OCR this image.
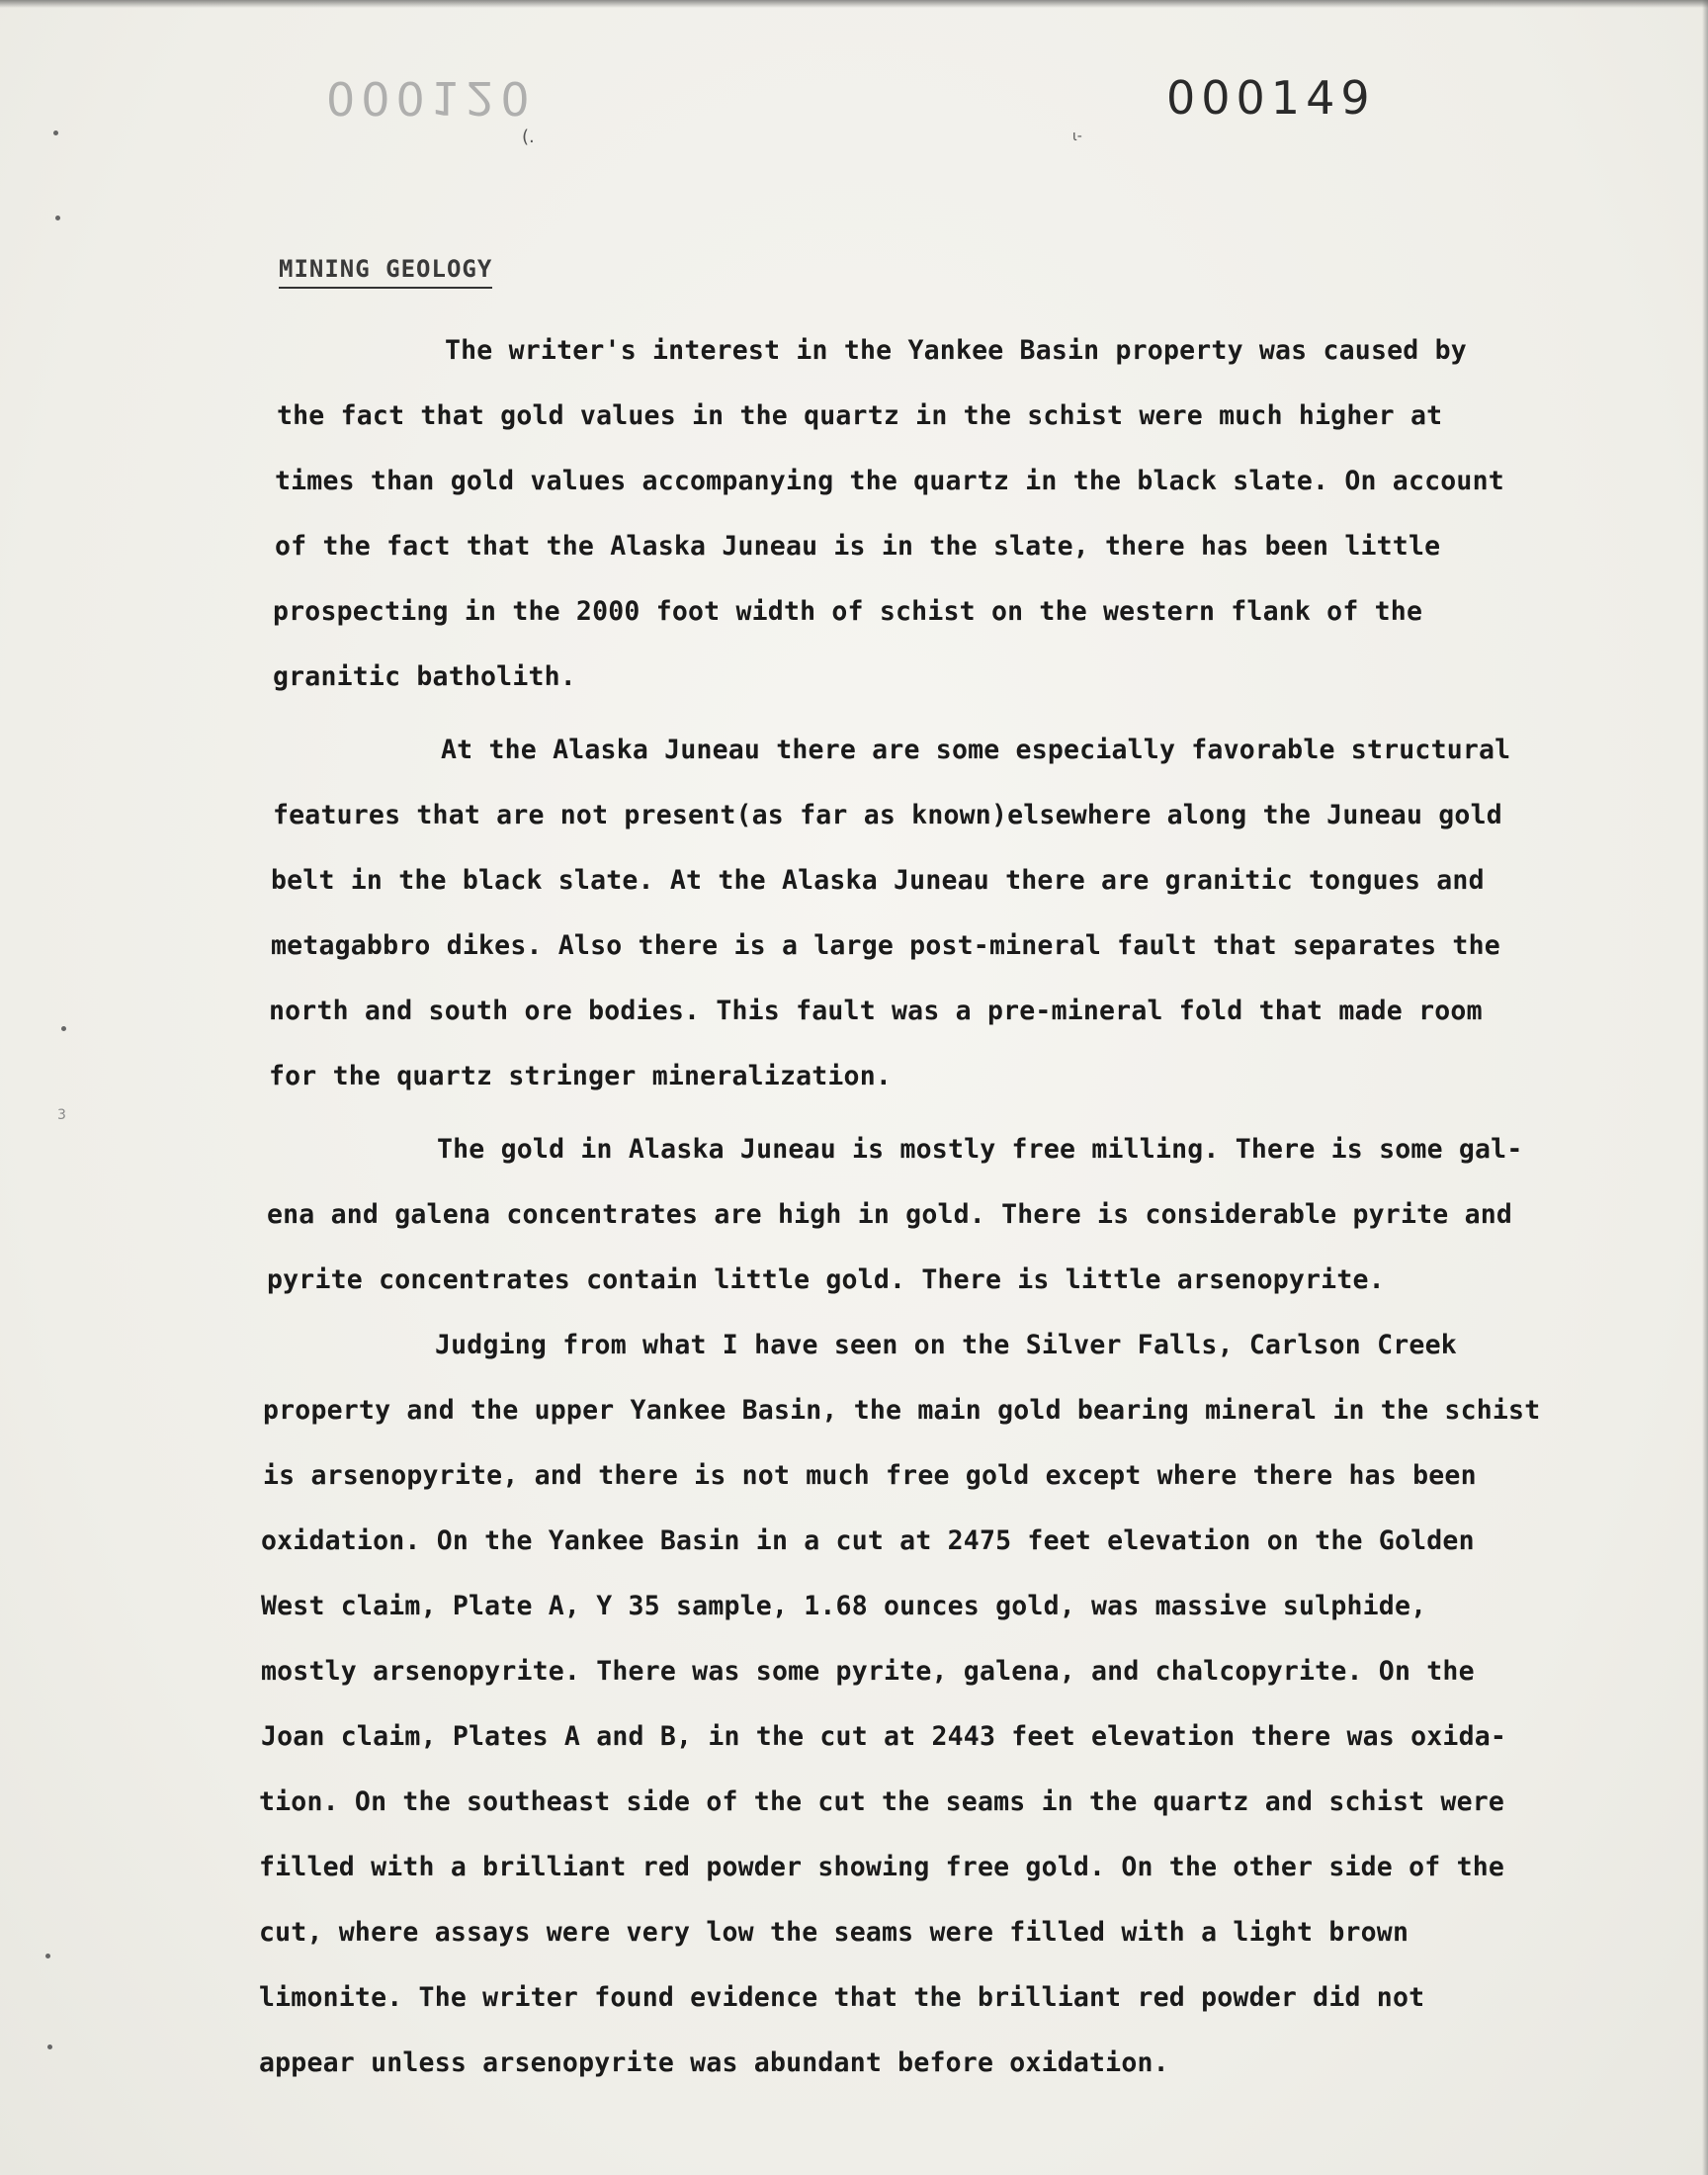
000120	000149
(.	ι-
3
MINING GEOLOGY

The writer's interest in the Yankee Basin property was caused by
the fact that gold values in the quartz in the schist were much higher at
times than gold values accompanying the quartz in the black slate. On account
of the fact that the Alaska Juneau is in the slate, there has been little
prospecting in the 2000 foot width of schist on the western flank of the
granitic batholith.

At the Alaska Juneau there are some especially favorable structural
features that are not present(as far as known)elsewhere along the Juneau gold
belt in the black slate. At the Alaska Juneau there are granitic tongues and
metagabbro dikes. Also there is a large post-mineral fault that separates the
north and south ore bodies. This fault was a pre-mineral fold that made room
for the quartz stringer mineralization.

The gold in Alaska Juneau is mostly free milling. There is some gal-
ena and galena concentrates are high in gold. There is considerable pyrite and
pyrite concentrates contain little gold. There is little arsenopyrite.

Judging from what I have seen on the Silver Falls, Carlson Creek
property and the upper Yankee Basin, the main gold bearing mineral in the schist
is arsenopyrite, and there is not much free gold except where there has been
oxidation. On the Yankee Basin in a cut at 2475 feet elevation on the Golden
West claim, Plate A, Y 35 sample, 1.68 ounces gold, was massive sulphide,
mostly arsenopyrite. There was some pyrite, galena, and chalcopyrite. On the
Joan claim, Plates A and B, in the cut at 2443 feet elevation there was oxida-
tion. On the southeast side of the cut the seams in the quartz and schist were
filled with a brilliant red powder showing free gold. On the other side of the
cut, where assays were very low the seams were filled with a light brown
limonite. The writer found evidence that the brilliant red powder did not
appear unless arsenopyrite was abundant before oxidation.
